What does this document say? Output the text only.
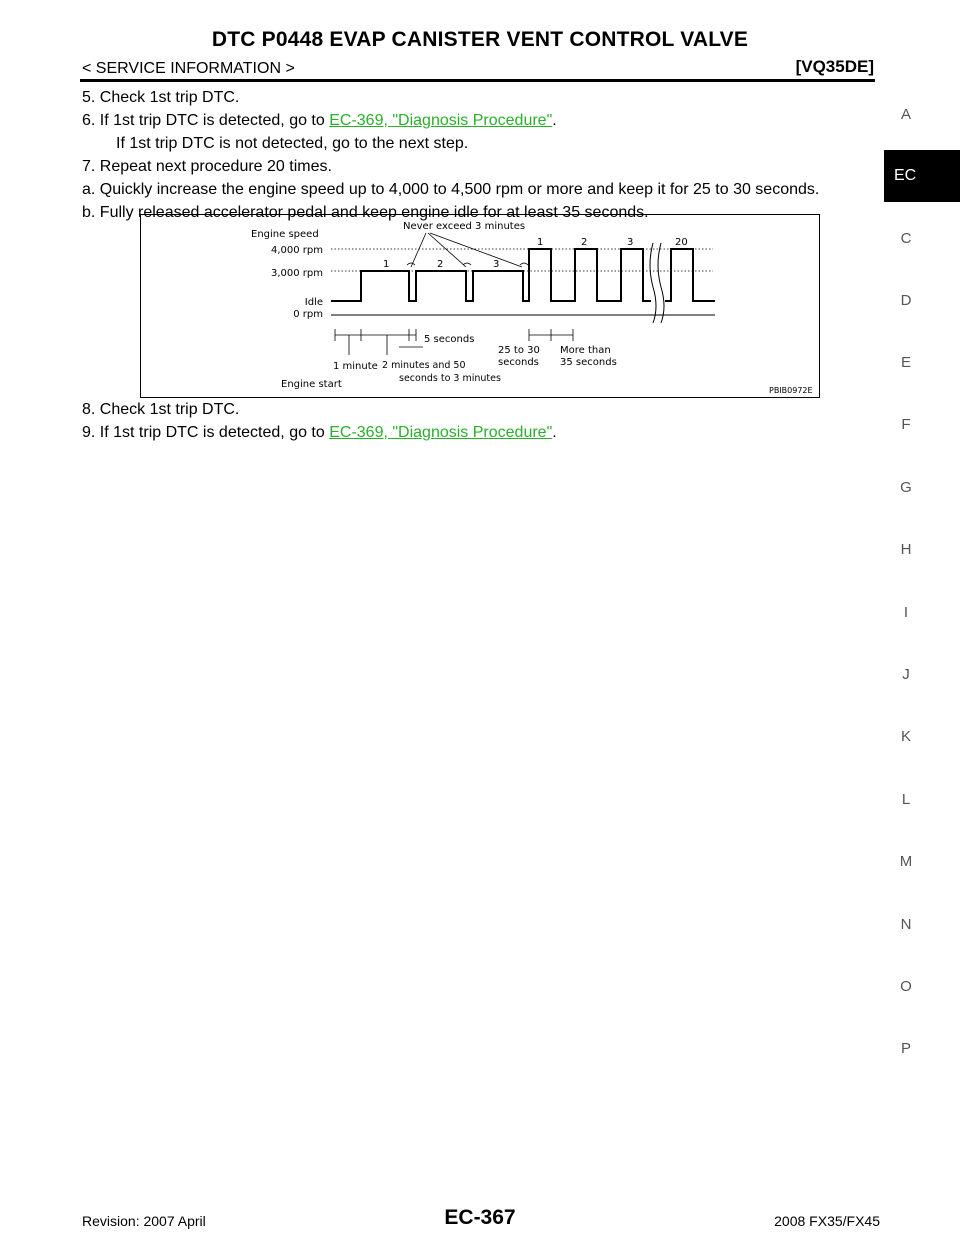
DTC P0448 EVAP CANISTER VENT CONTROL VALVE
< SERVICE INFORMATION >	[VQ35DE]
5. Check 1st trip DTC.
6. If 1st trip DTC is detected, go to EC-369, "Diagnosis Procedure".
If 1st trip DTC is not detected, go to the next step.
7. Repeat next procedure 20 times.
a. Quickly increase the engine speed up to 4,000 to 4,500 rpm or more and keep it for 25 to 30 seconds.
b. Fully released accelerator pedal and keep engine idle for at least 35 seconds.
Engine speed
4,000 rpm
3,000 rpm
Idle
0 rpm
Never exceed 3 minutes
1	2	3
1	2	3	20
5 seconds
1 minute 2 minutes and 50
seconds to 3 minutes
25 to 30
seconds
More than
35 seconds
Engine start
PBIB0972E
8. Check 1st trip DTC.
9. If 1st trip DTC is detected, go to EC-369, "Diagnosis Procedure".
A
C
D
E
F
G
H
I
J
K
L
M
N
O
P
EC
Revision: 2007 April	EC-367	2008 FX35/FX45
